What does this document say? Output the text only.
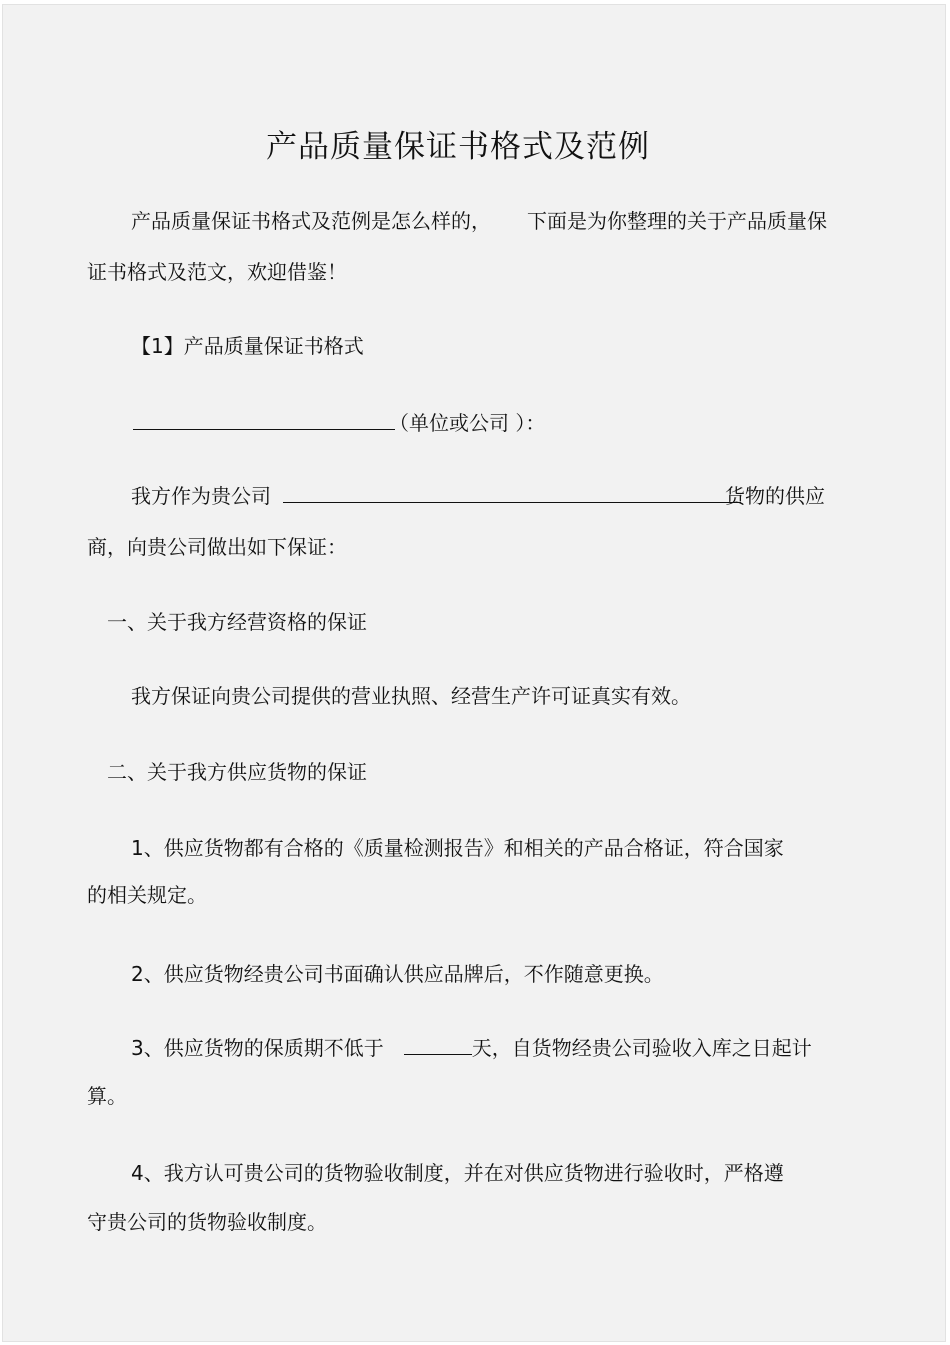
产品质量保证书格式及范例
产品质量保证书格式及范例是怎么样的， 下面是为你整理的关于产品质量保
证书格式及范文，欢迎借鉴！
【1】产品质量保证书格式
（单位或公司 ）：
我方作为贵公司	货物的供应
商，向贵公司做出如下保证：
一、关于我方经营资格的保证
我方保证向贵公司提供的营业执照、经营生产许可证真实有效。
二、关于我方供应货物的保证
1、供应货物都有合格的《质量检测报告》和相关的产品合格证，符合国家
的相关规定。
2、供应货物经贵公司书面确认供应品牌后，不作随意更换。
3、供应货物的保质期不低于	天，自货物经贵公司验收入库之日起计
算。
4、我方认可贵公司的货物验收制度，并在对供应货物进行验收时，严格遵
守贵公司的货物验收制度。
